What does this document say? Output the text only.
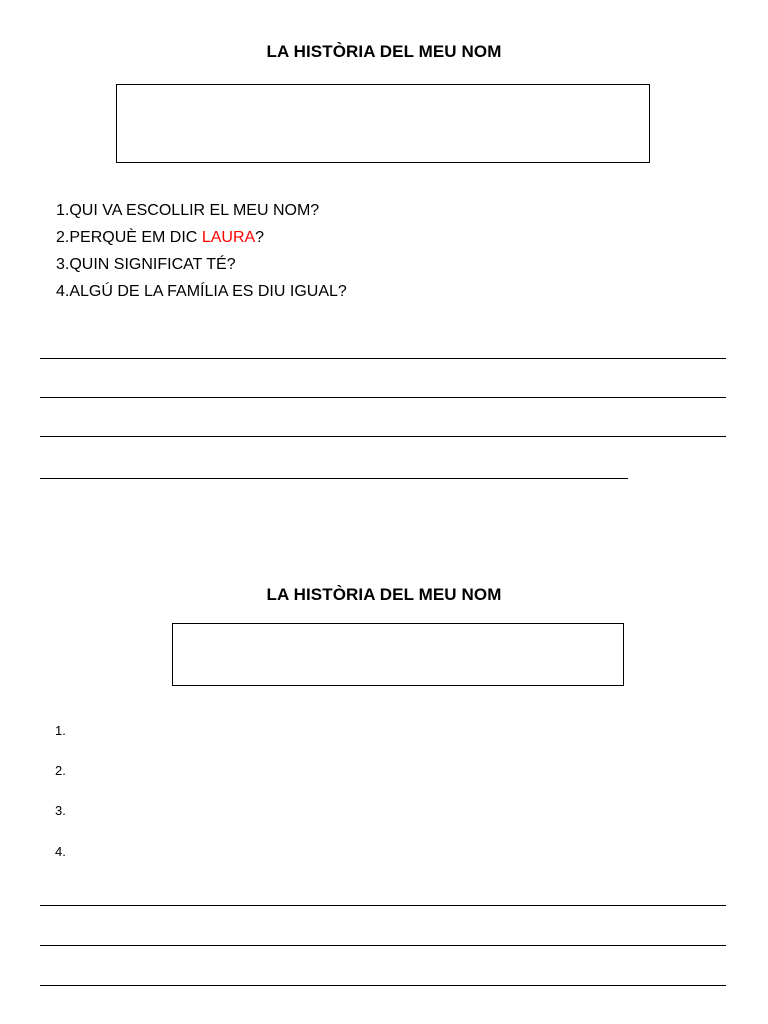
LA HISTÒRIA DEL MEU NOM
1.QUI VA ESCOLLIR EL MEU NOM?
2.PERQUÈ EM DIC LAURA?
3.QUIN SIGNIFICAT TÉ?
4.ALGÚ DE LA FAMÍLIA ES DIU IGUAL?
LA HISTÒRIA DEL MEU NOM
1.
2.
3.
4.
